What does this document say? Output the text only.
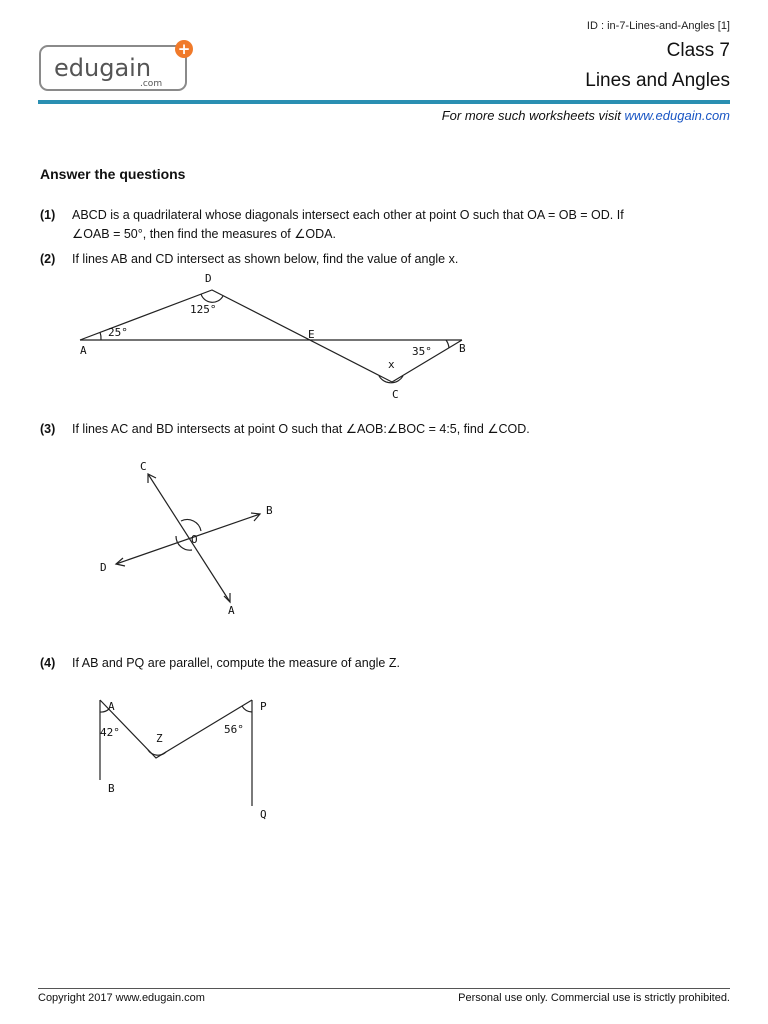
ID : in-7-Lines-and-Angles [1]
Class 7
Lines and Angles
edugain
.com
+
For more such worksheets visit www.edugain.com
Answer the questions
(1) ABCD is a quadrilateral whose diagonals intersect each other at point O such that OA = OB = OD. If
∠OAB = 50°, then find the measures of ∠ODA.
(2) If lines AB and CD intersect as shown below, find the value of angle x.
D
125°
A
25°	E
B
35°
x
C
(3) If lines AC and BD intersects at point O such that ∠AOB:∠BOC = 4:5, find ∠COD.
C
B
O
D
A
(4) If AB and PQ are parallel, compute the measure of angle Z.
A
42°	Z
56°
P
B
Q
Copyright 2017 www.edugain.com	Personal use only. Commercial use is strictly prohibited.
